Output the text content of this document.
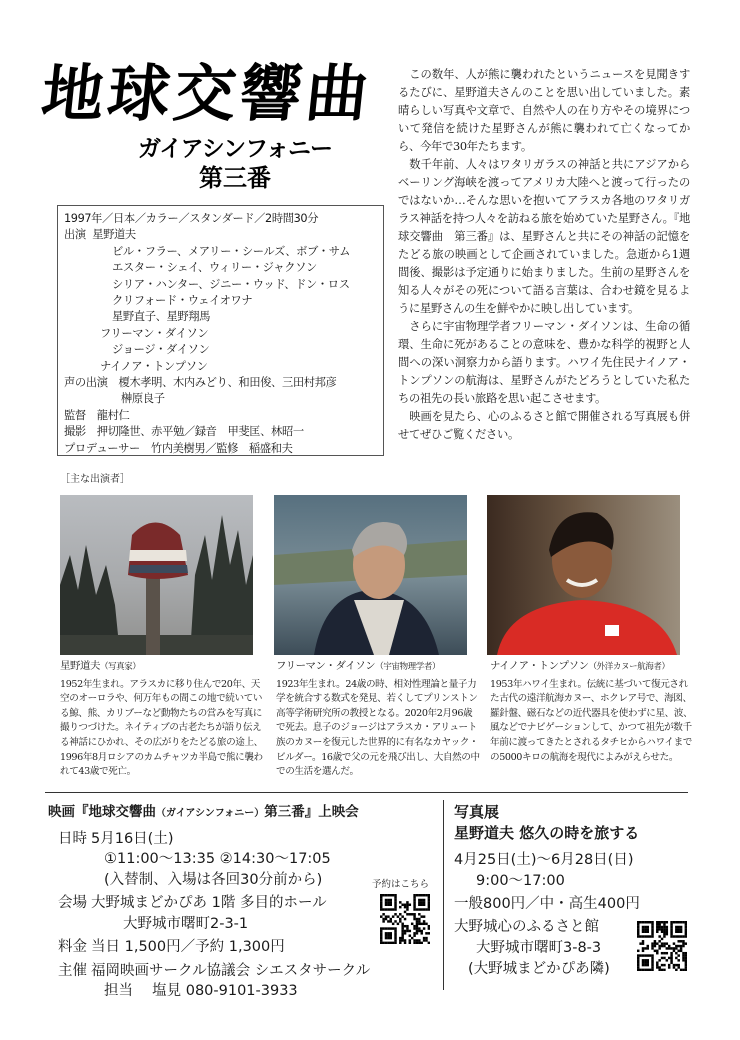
地球交響曲
ガイアシンフォニー
第三番
1997年／日本／カラー／スタンダード／2時間30分
出演 星野道夫
ビル・フラー、メアリー・シールズ、ボブ・サム
エスター・シェイ、ウィリー・ジャクソン
シリア・ハンター、ジニー・ウッド、ドン・ロス
クリフォード・ウェイオワナ
星野直子、星野翔馬
フリーマン・ダイソン
ジョージ・ダイソン
ナイノア・トンプソン
声の出演　榎木孝明、木内みどり、和田俊、三田村邦彦
榊原良子
監督　龍村仁
撮影　押切隆世、赤平勉／録音　甲斐匡、林昭一
プロデューサー　竹内美樹男／監修　稲盛和夫

この数年、人が熊に襲われたというニュースを見聞きするたびに、星野道夫さんのことを思い出していました。素晴らしい写真や文章で、自然や人の在り方やその境界について発信を続けた星野さんが熊に襲われて亡くなってから、今年で30年たちます。

数千年前、人々はワタリガラスの神話と共にアジアからベーリング海峡を渡ってアメリカ大陸へと渡って行ったのではないか…そんな思いを抱いてアラスカ各地のワタリガラス神話を持つ人々を訪ねる旅を始めていた星野さん。『地球交響曲　第三番』は、星野さんと共にその神話の記憶をたどる旅の映画として企画されていました。急逝から1週間後、撮影は予定通りに始まりました。生前の星野さんを知る人々がその死について語る言葉は、合わせ鏡を見るように星野さんの生を鮮やかに映し出しています。

さらに宇宙物理学者フリーマン・ダイソンは、生命の循環、生命に死があることの意味を、豊かな科学的視野と人間への深い洞察力から語ります。ハワイ先住民ナイノア・トンプソンの航海は、星野さんがたどろうとしていた私たちの祖先の長い旅路を思い起こさせます。

映画を見たら、心のふるさと館で開催される写真展も併せてぜひご覧ください。

［主な出演者］
星野道夫（写真家）
1952年生まれ。アラスカに移り住んで20年、天空のオーロラや、何万年もの間この地で続いている鯨、熊、カリブーなど動物たちの営みを写真に撮りつづけた。ネイティブの古老たちが語り伝える神話にひかれ、その広がりをたどる旅の途上、1996年8月ロシアのカムチャツカ半島で熊に襲われて43歳で死亡。
フリーマン・ダイソン（宇宙物理学者）
1923年生まれ。24歳の時、相対性理論と量子力学を統合する数式を発見、若くしてプリンストン高等学術研究所の教授となる。2020年2月96歳で死去。息子のジョージはアラスカ・アリュート族のカヌーを復元した世界的に有名なカヤック・ビルダー。16歳で父の元を飛び出し、大自然の中での生活を選んだ。
ナイノア・トンプソン（外洋カヌー航海者）
1953年ハワイ生まれ。伝統に基づいて復元された古代の遠洋航海カヌー、ホクレア号で、海図、羅針盤、磁石などの近代器具を使わずに星、波、風などでナビゲーションして、かつて祖先が数千年前に渡ってきたとされるタチヒからハワイまでの5000キロの航海を現代によみがえらせた。
映画『地球交響曲（ガイアシンフォニー）第三番』上映会
日時 5月16日(土)
①11:00～13:35 ②14:30～17:05
(入替制、入場は各回30分前から)
会場 大野城まどかぴあ 1階 多目的ホール
大野城市曙町2-3-1
料金 当日 1,500円／予約 1,300円
主催 福岡映画サークル協議会 シエスタサークル
担当　 塩見 080-9101-3933
予約はこちら
写真展
星野道夫 悠久の時を旅する
4月25日(土)～6月28日(日)
9:00～17:00
一般800円／中・高生400円
大野城心のふるさと館
大野城市曙町3-8-3
(大野城まどかぴあ隣)
